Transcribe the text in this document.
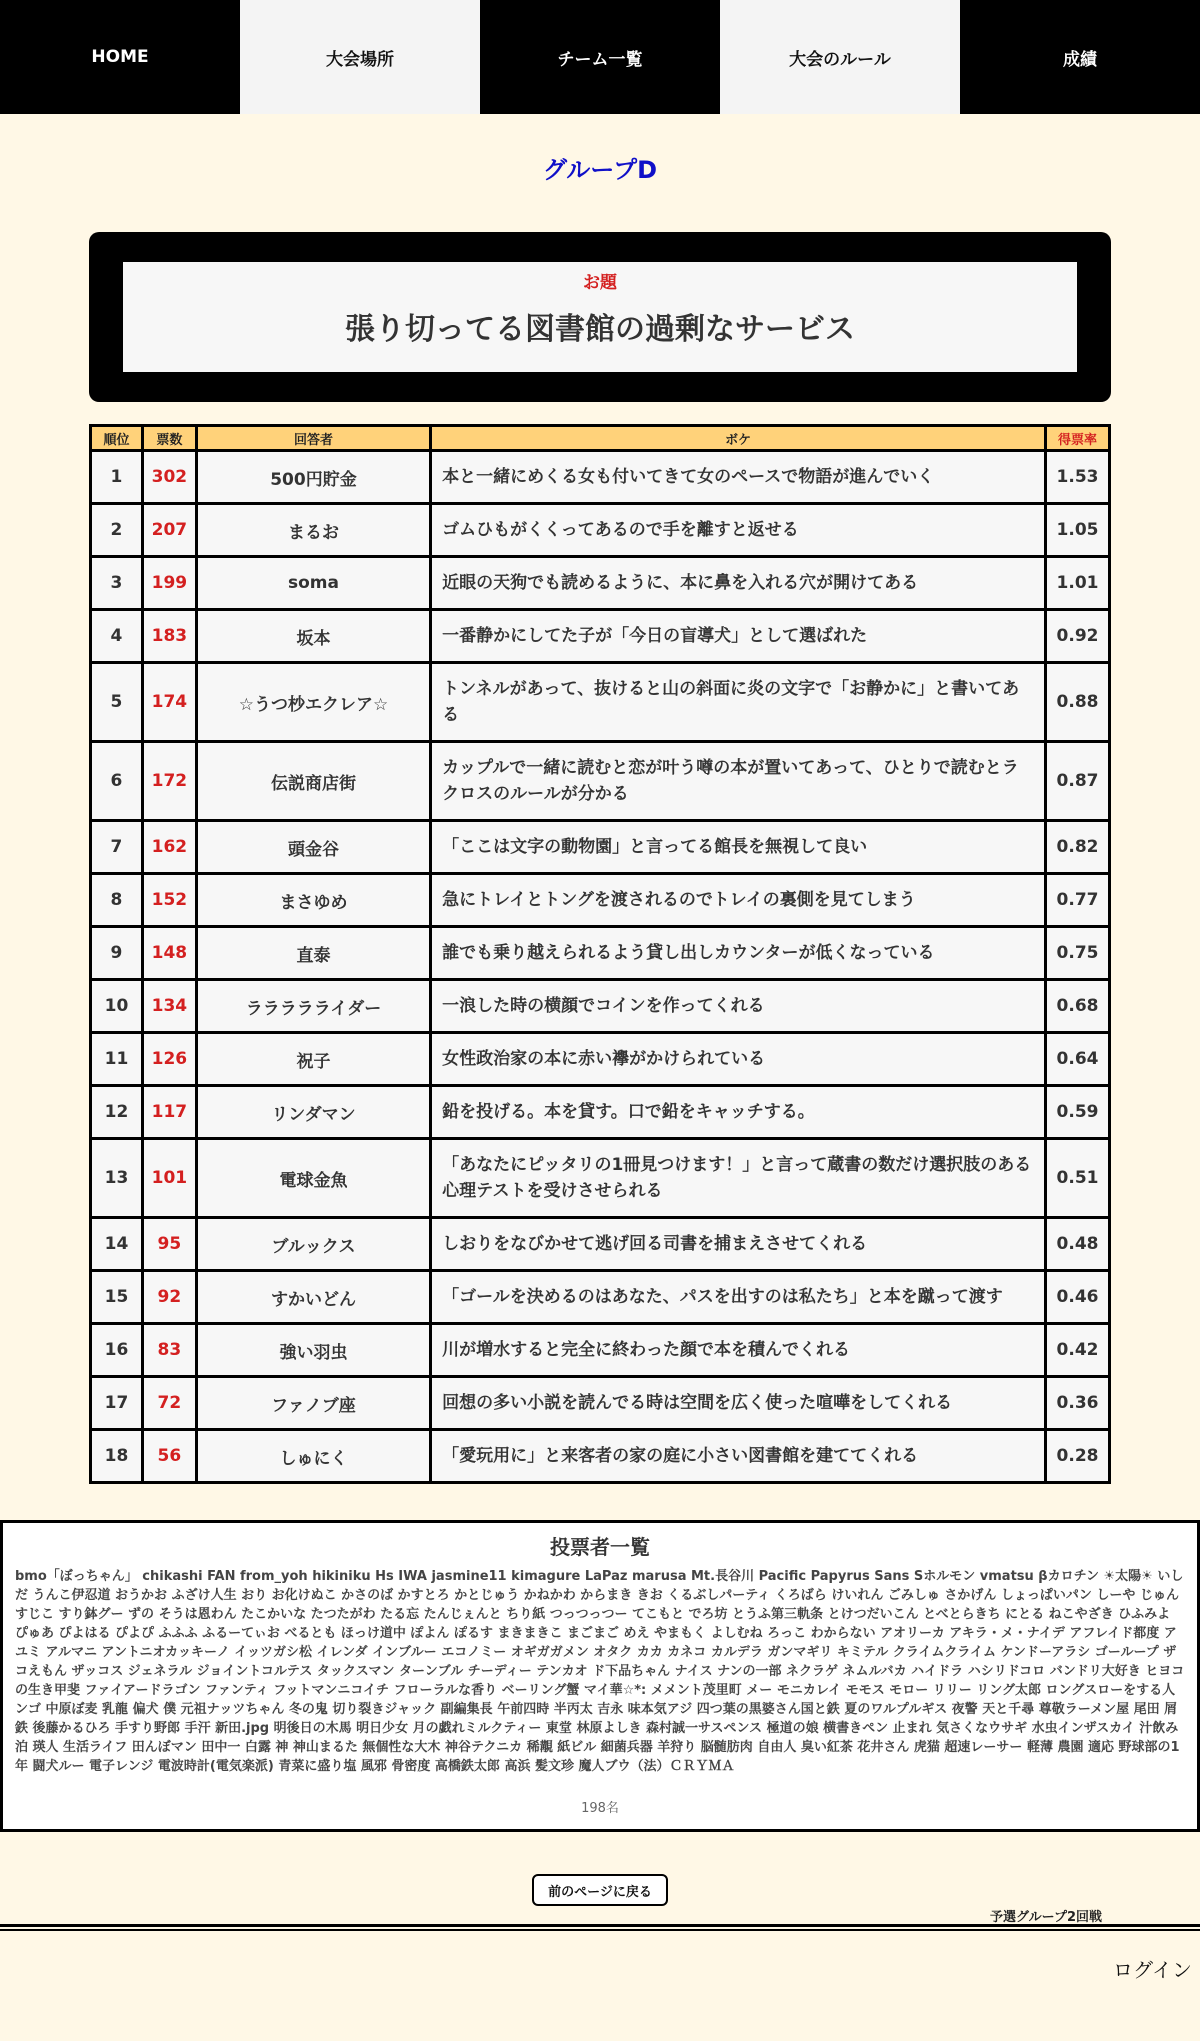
HOME	大会場所	チーム一覧	大会のルール	成績
グループD
お題
張り切ってる図書館の過剰なサービス
順位	票数	回答者	ボケ	得票率
1	302	500円貯金	本と一緒にめくる女も付いてきて女のペースで物語が進んでいく	1.53
2	207	まるお	ゴムひもがくくってあるので手を離すと返せる	1.05
3	199	soma	近眼の天狗でも読めるように、本に鼻を入れる穴が開けてある	1.01
4	183	坂本	一番静かにしてた子が「今日の盲導犬」として選ばれた	0.92
5	174	☆うつ杪エクレア☆	トンネルがあって、抜けると山の斜面に炎の文字で「お静かに」と書いてある	0.88
6	172	伝説商店街	カップルで一緒に読むと恋が叶う噂の本が置いてあって、ひとりで読むとラクロスのルールが分かる	0.87
7	162	頭金谷	「ここは文字の動物園」と言ってる館長を無視して良い	0.82
8	152	まさゆめ	急にトレイとトングを渡されるのでトレイの裏側を見てしまう	0.77
9	148	直泰	誰でも乗り越えられるよう貸し出しカウンターが低くなっている	0.75
10	134	ララララライダー	一浪した時の横顔でコインを作ってくれる	0.68
11	126	祝子	女性政治家の本に赤い襷がかけられている	0.64
12	117	リンダマン	鉛を投げる。本を貸す。口で鉛をキャッチする。	0.59
13	101	電球金魚	「あなたにピッタリの1冊見つけます！」と言って蔵書の数だけ選択肢のある心理テストを受けさせられる	0.51
14	95	ブルックス	しおりをなびかせて逃げ回る司書を捕まえさせてくれる	0.48
15	92	すかいどん	「ゴールを決めるのはあなた、パスを出すのは私たち」と本を蹴って渡す	0.46
16	83	強い羽虫	川が増水すると完全に終わった顔で本を積んでくれる	0.42
17	72	ファノブ座	回想の多い小説を読んでる時は空間を広く使った喧嘩をしてくれる	0.36
18	56	しゅにく	「愛玩用に」と来客者の家の庭に小さい図書館を建ててくれる	0.28
投票者一覧
bmo「ぼっちゃん」 chikashi FAN from_yoh hikiniku Hs IWA jasmine11 kimagure LaPaz marusa Mt.長谷川 Pacific Papyrus Sans Sホルモン vmatsu βカロチン ☀太陽☀ いしだ うんこ伊忍道 おうかお ふざけ人生 おり お化けぬこ かさのば かすとろ かとじゅう かねかわ からまき きお くるぶしパーティ くろばら けいれん ごみしゅ さかげん しょっぱいパン しーや じゅん すじこ すり鉢グー ずの そうは恩わん たこかいな たつたがわ たる忘 たんじぇんと ちり紙 つっつっつー てこもと でろ坊 とうふ第三軌条 とけつだいこん とべとらきち にとる ねこやざき ひふみよ ぴゅあ ぴよはる ぴよぴ ふふふ ふるーてぃお べるとも ほっけ道中 ぽよん ぽるす まきまきこ まごまご めえ やまもく よしむね ろっこ わからない アオリーカ アキラ・メ・ナイデ アフレイド都度 アユミ アルマニ アントニオカッキーノ イッツガシ松 イレンダ インブルー エコノミー オギガガメン オタク カカ カネコ カルデラ ガンマギリ キミテル クライムクライム ケンドーアラシ ゴーループ ザコえもん ザッコス ジェネラル ジョイントコルテス タックスマン ターンブル チーディー テンカオ ド下品ちゃん ナイス ナンの一部 ネクラゲ ネムルバカ ハイドラ ハシリドコロ バンドリ大好き ヒヨコの生き甲斐 ファイアードラゴン ファンティ フットマンニコイチ フローラルな香り ベーリング蟹 マイ華☆*: メメント茂里町 メー モニカレイ モモス モロー リリー リング太郎 ロングスローをする人 ンゴ 中原ぼ麦 乳龍 偏犬 僕 元祖ナッツちゃん 冬の鬼 切り裂きジャック 副編集長 午前四時 半丙太 吉永 味本気アジ 四つ葉の黒婆さん国と鉄 夏のワルプルギス 夜警 天と千尋 尊敬ラーメン屋 尾田 屑鉄 後藤かるひろ 手すり野郎 手汗 新田.jpg 明後日の木馬 明日少女 月の戯れミルクティー 東堂 林原よしき 森村誠一サスペンス 極道の娘 横書きペン 止まれ 気さくなウサギ 水虫インザスカイ 汁飲み 泊 瑛人 生活ライフ 田んぼマン 田中一 白露 神 神山まるた 無個性な大木 神谷テクニカ 稀覯 紙ビル 細菌兵器 羊狩り 脳髄肪肉 自由人 臭い紅茶 花井さん 虎猫 超速レーサー 軽薄 農園 適応 野球部の1年 闘犬ルー 電子レンジ 電波時計(電気楽派) 青菜に盛り塩 風邪 骨密度 高橋鉄太郎 高浜 髪文珍 魔人ブウ（法）ＣＲＹＭＡ
198名
前のページに戻る
予選グループ2回戦
ログイン
